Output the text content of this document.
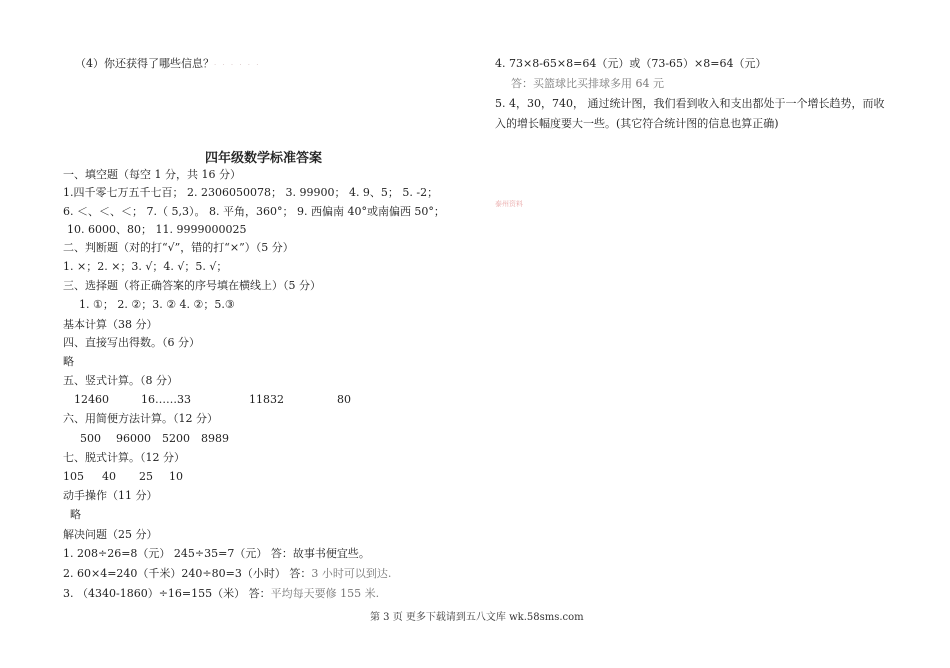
（4）你还获得了哪些信息？· · · · · ·
四年级数学标准答案
一、填空题（每空 1 分，共 16 分）
1.四千零七万五千七百； 2. 2306050078； 3. 99900； 4. 9、5； 5. -2；
6. ＜、＜、＜； 7.（ 5,3）。 8. 平角，360°； 9. 西偏南 40°或南偏西 50°；
10. 6000、80； 11. 9999000025
二、判断题（对的打“√”，错的打“×”）（5 分）
1. ×；2. ×；3. √；4. √；5. √；
三、选择题（将正确答案的序号填在横线上）（5 分）
1. ①； 2. ②；3. ② 4. ②；5.③
基本计算（38 分）
四、直接写出得数。（6 分）
略
五、竖式计算。（8 分）
12460	16……33	11832	80
六、用简便方法计算。（12 分）
500 96000 5200 8989
七、脱式计算。（12 分）
105 40 25 10
动手操作（11 分）
略
解决问题（25 分）
1. 208÷26=8（元） 245÷35=7（元） 答：故事书便宜些。
2. 60×4=240（千米）240÷80=3（小时） 答：3 小时可以到达.
3. （4340-1860）÷16=155（米） 答：平均每天要修 155 米.
4. 73×8-65×8=64（元）或（73-65）×8=64（元）
答：买篮球比买排球多用 64 元
5. 4，30，740， 通过统计图，我们看到收入和支出都处于一个增长趋势，而收
入的增长幅度要大一些。(其它符合统计图的信息也算正确)
泰州资料
第 3 页 更多下载请到五八文库 wk.58sms.com
